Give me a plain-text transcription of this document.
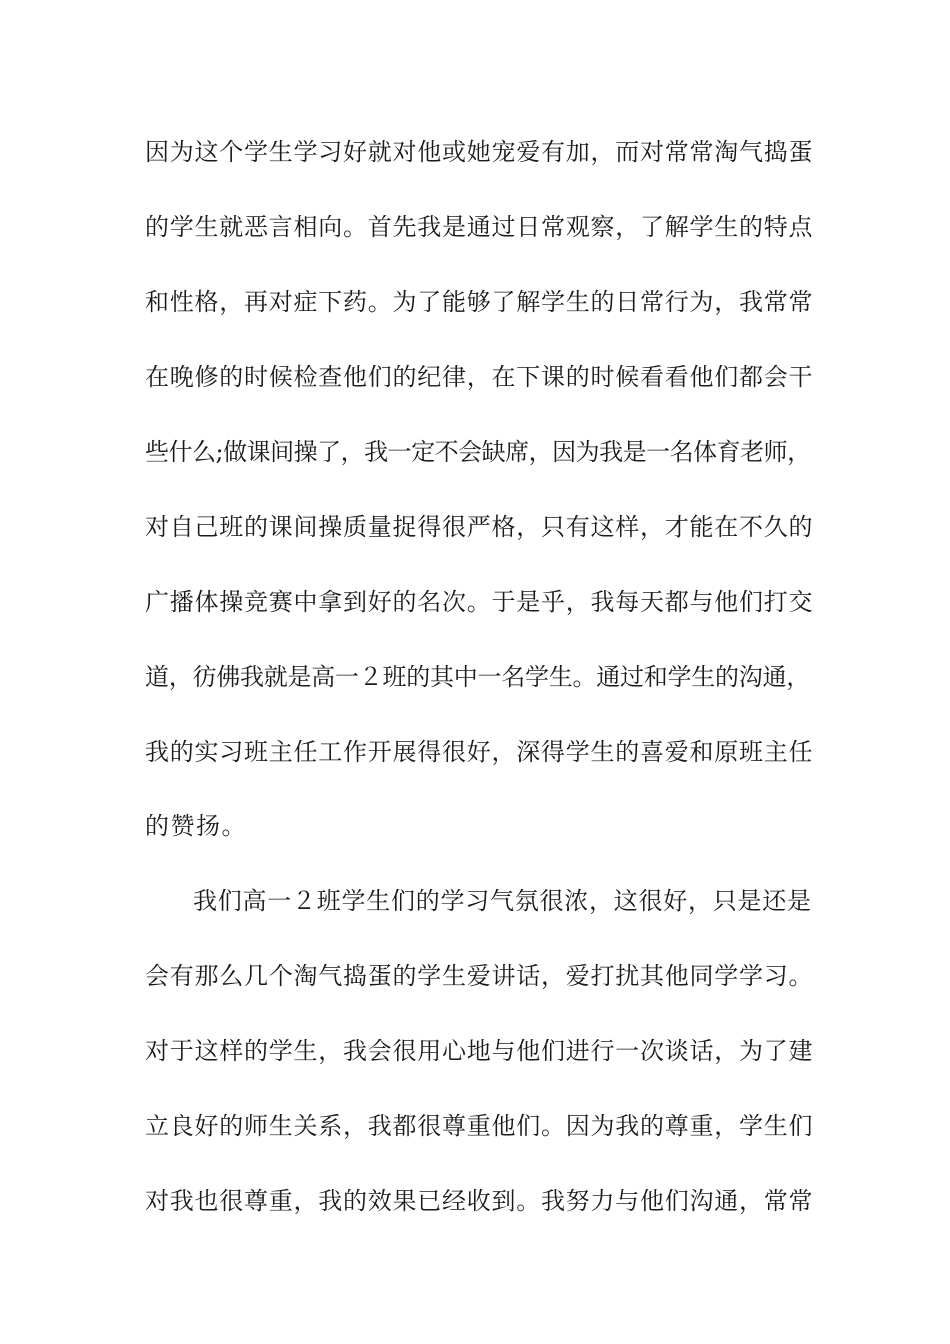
因为这个学生学习好就对他或她宠爱有加，而对常常淘气捣蛋
的学生就恶言相向。首先我是通过日常观察，了解学生的特点
和性格，再对症下药。为了能够了解学生的日常行为，我常常
在晚修的时候检查他们的纪律，在下课的时候看看他们都会干
些什么;做课间操了，我一定不会缺席，因为我是一名体育老师，
对自己班的课间操质量捉得很严格，只有这样，才能在不久的
广播体操竞赛中拿到好的名次。于是乎，我每天都与他们打交
道，彷佛我就是高一２班的其中一名学生。通过和学生的沟通，
我的实习班主任工作开展得很好，深得学生的喜爱和原班主任
的赞扬。
我们高一２班学生们的学习气氛很浓，这很好，只是还是
会有那么几个淘气捣蛋的学生爱讲话，爱打扰其他同学学习。
对于这样的学生，我会很用心地与他们进行一次谈话，为了建
立良好的师生关系，我都很尊重他们。因为我的尊重，学生们
对我也很尊重，我的效果已经收到。我努力与他们沟通，常常
